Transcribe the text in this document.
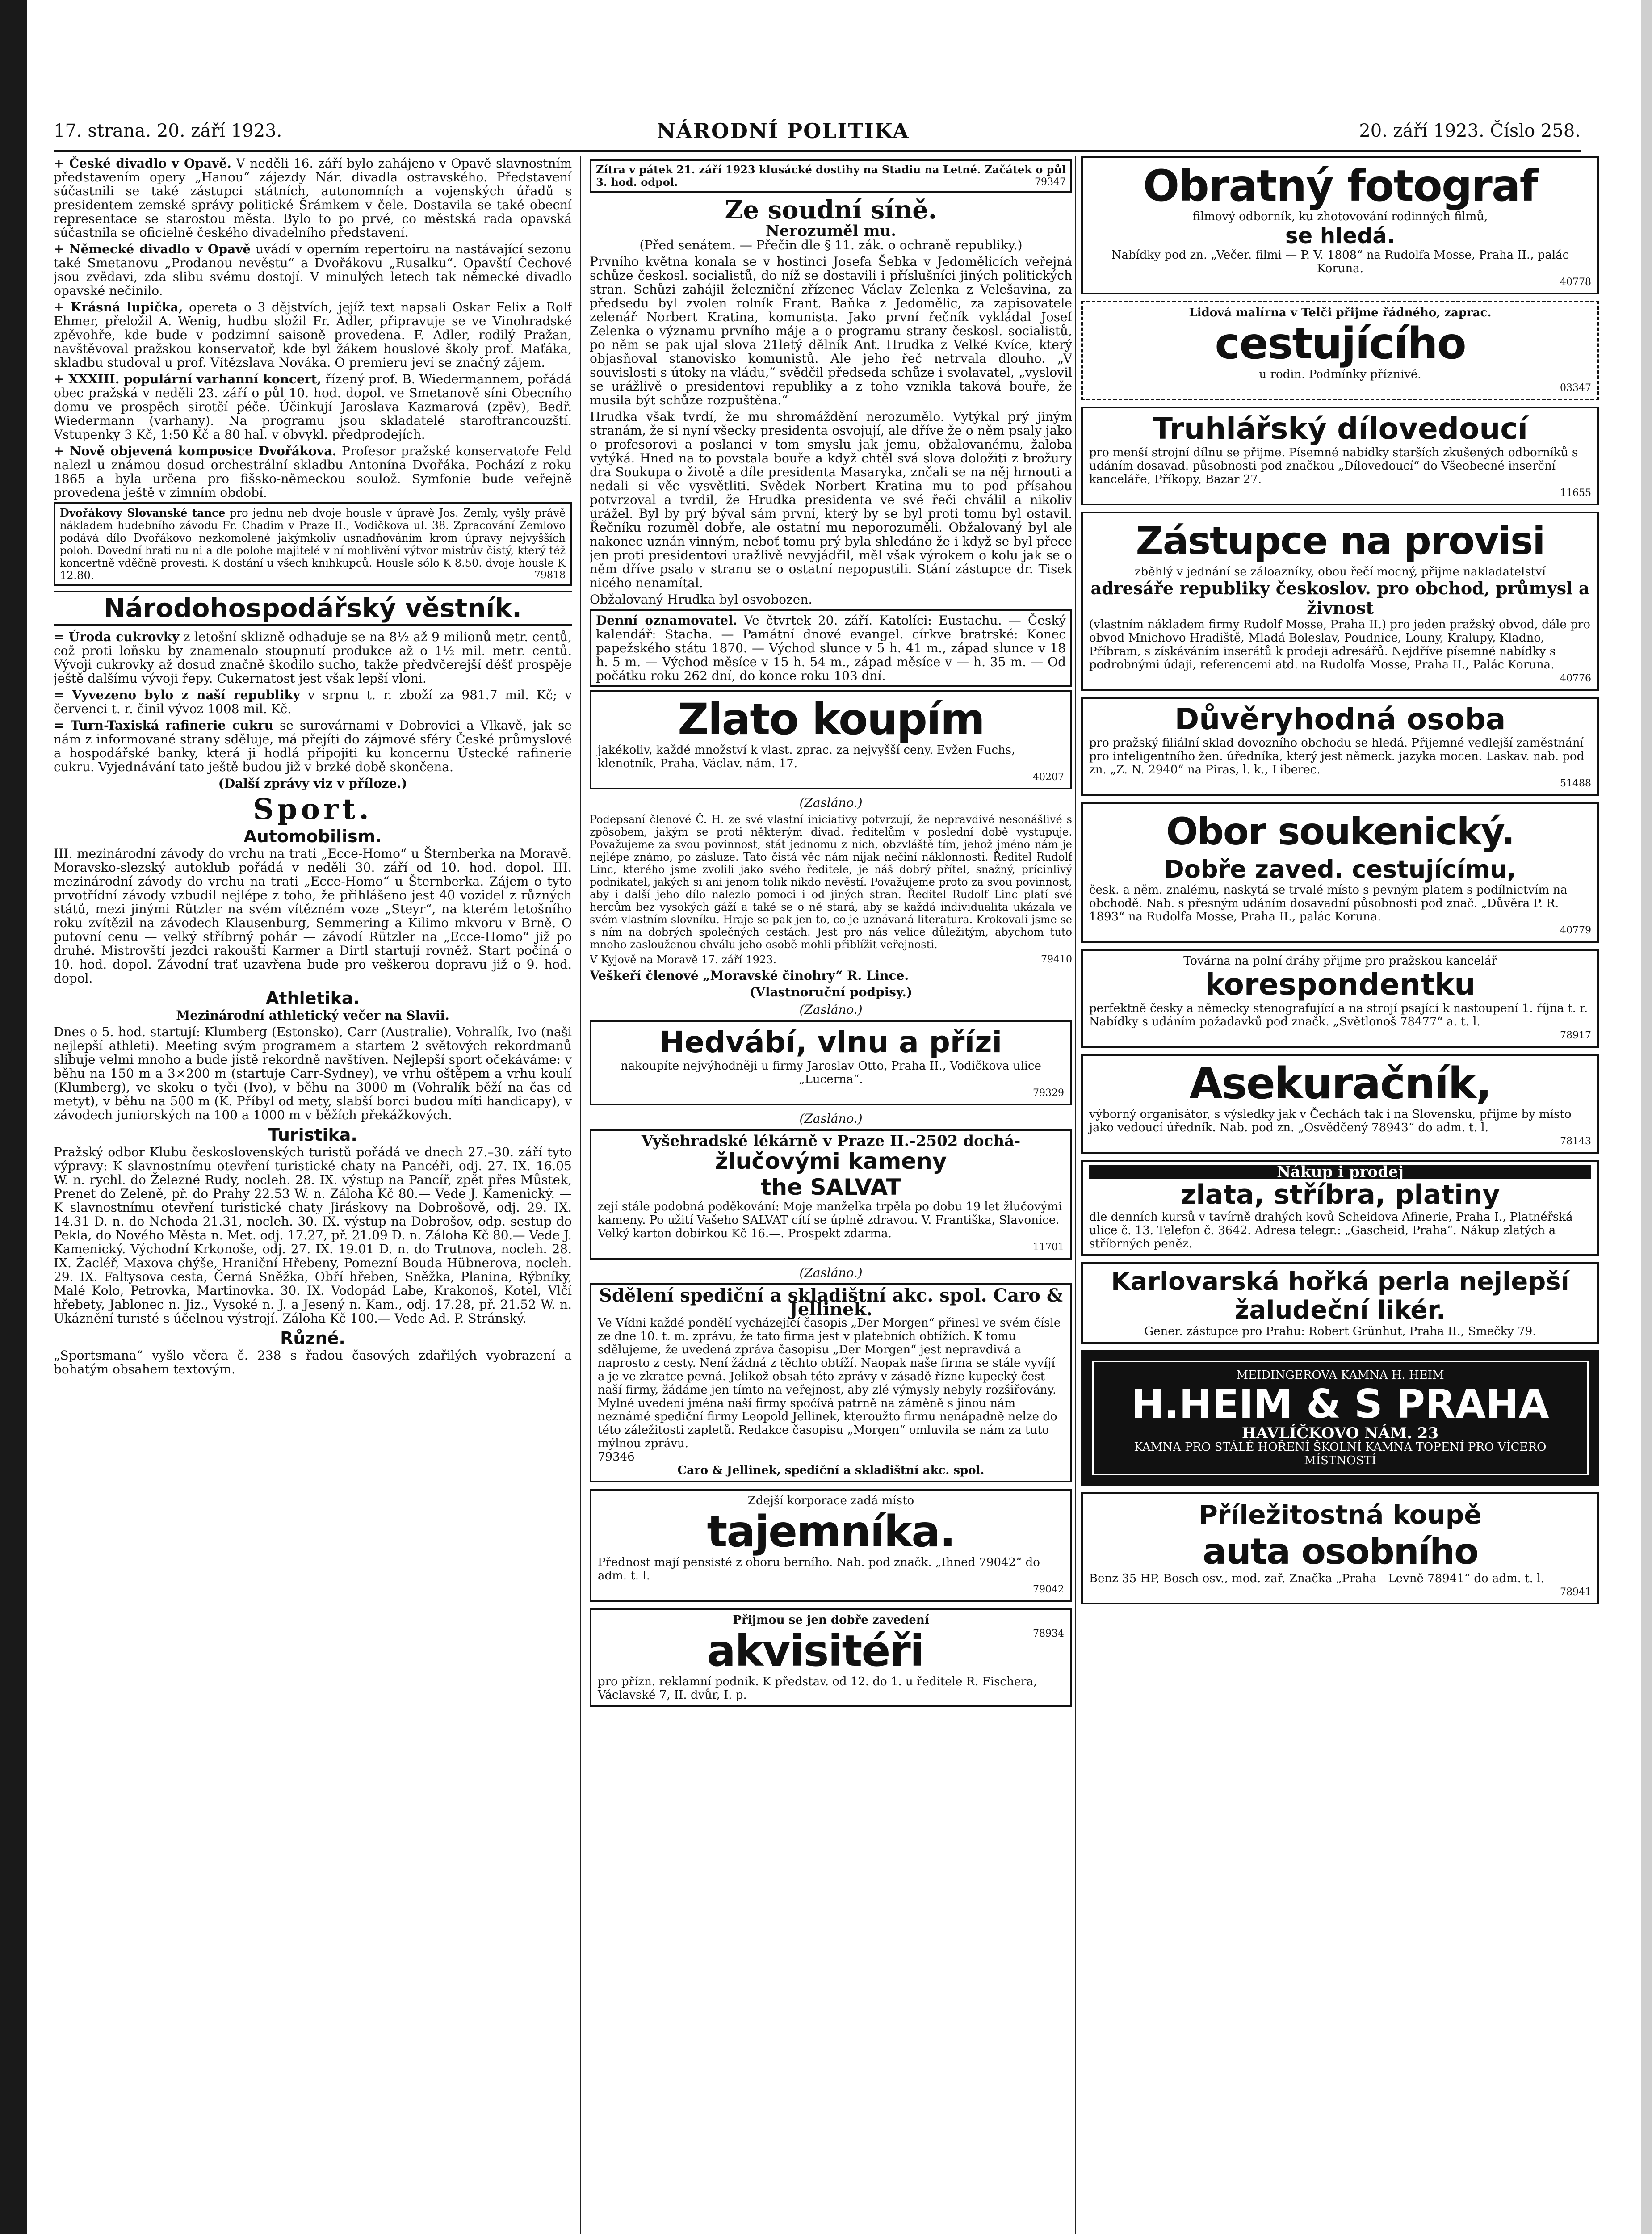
17. strana. 20. září 1923.	NÁRODNÍ POLITIKA	20. září 1923. Číslo 258.

+ České divadlo v Opavě. V neděli 16. září bylo zahájeno v Opavě slavnostním představením opery „Hanou“ zájezdy Nár. divadla ostravského. Představení súčastnili se také zástupci státních, autonomních a vojenských úřadů s presidentem zemské správy politické Šrámkem v čele. Dostavila se také obecní representace se starostou města. Bylo to po prvé, co městská rada opavská súčastnila se oficielně českého divadelního představení.

+ Německé divadlo v Opavě uvádí v operním repertoiru na nastávající sezonu také Smetanovu „Prodanou nevěstu“ a Dvořákovu „Rusalku“. Opavští Čechové jsou zvědavi, zda slibu svému dostojí. V minulých letech tak německé divadlo opavské nečinilo.

+ Krásná lupička, opereta o 3 dějstvích, jejíž text napsali Oskar Felix a Rolf Ehmer, přeložil A. Wenig, hudbu složil Fr. Adler, připravuje se ve Vinohradské zpěvohře, kde bude v podzimní saisoně provedena. F. Adler, rodilý Pražan, navštěvoval pražskou konservatoř, kde byl žákem houslové školy prof. Maťáka, skladbu studoval u prof. Vítězslava Nováka. O premieru jeví se značný zájem.

+ XXXIII. populární varhanní koncert, řízený prof. B. Wiedermannem, pořádá obec pražská v neděli 23. září o půl 10. hod. dopol. ve Smetanově síni Obecního domu ve prospěch sirotčí péče. Účinkují Jaroslava Kazmarová (zpěv), Bedř. Wiedermann (varhany). Na programu jsou skladatelé staroftrancouzští. Vstupenky 3 Kč, 1:50 Kč a 80 hal. v obvykl. předprodejích.

+ Nově objevená komposice Dvořákova. Profesor pražské konservatoře Feld nalezl u známou dosud orchestrální skladbu Antonína Dvořáka. Pochází z roku 1865 a byla určena pro fišsko-německou soulož. Symfonie bude veřejně provedena ještě v zimním období.

Dvořákovy Slovanské tance pro jednu neb dvoje housle v úpravě Jos. Zemly, vyšly právě nákladem hudebního závodu Fr. Chadim v Praze II., Vodičkova ul. 38. Zpracování Zemlovo podává dílo Dvořákovo nezkomolené jakýmkoliv usnadňováním krom úpravy nejvyšších poloh. Dovední hrati nu ni a dle polohe majitelé v ní mohlivění výtvor mistrův čistý, který též koncertně vděčně provesti. K dostání u všech knihkupců. Housle sólo K 8.50. dvoje housle K 12.80.	79818
Národohospodářský věstník.

= Úroda cukrovky z letošní sklizně odhaduje se na 8½ až 9 milionů metr. centů, což proti loňsku by znamenalo stoupnutí produkce až o 1½ mil. metr. centů. Vývoji cukrovky až dosud značně škodilo sucho, takže předvčerejší déšť prospěje ještě dalšímu vývoji řepy. Cukernatost jest však lepší vloni.

= Vyvezeno bylo z naší republiky v srpnu t. r. zboží za 981.7 mil. Kč; v červenci t. r. činil vývoz 1008 mil. Kč.

= Turn-Taxiská rafinerie cukru se surovárnami v Dobrovici a Vlkavě, jak se nám z informované strany sděluje, má přejíti do zájmové sféry České průmyslové a hospodářské banky, která ji hodlá připojiti ku koncernu Ústecké rafinerie cukru. Vyjednávání tato ještě budou již v brzké době skončena.

(Další zprávy viz v příloze.)

Sport.
Automobilism.

III. mezinárodní závody do vrchu na trati „Ecce-Homo“ u Šternberka na Moravě. Moravsko-slezský autoklub pořádá v neděli 30. září od 10. hod. dopol. III. mezinárodní závody do vrchu na trati „Ecce-Homo“ u Šternberka. Zájem o tyto prvotřídní závody vzbudil nejlépe z toho, že přihlášeno jest 40 vozidel z různých států, mezi jinými Rützler na svém vítězném voze „Steyr“, na kterém letošního roku zvítězil na závodech Klausenburg, Semmering a Kilimo mkvoru v Brně. O putovní cenu — velký stříbrný pohár — závodí Rützler na „Ecce-Homo“ již po druhé. Mistrovští jezdci rakouští Karmer a Dirtl startují rovněž. Start počíná o 10. hod. dopol. Závodní trať uzavřena bude pro veškerou dopravu již o 9. hod. dopol.

Athletika.

Mezinárodní athletický večer na Slavii.

Dnes o 5. hod. startují: Klumberg (Estonsko), Carr (Australie), Vohralík, Ivo (naši nejlepší athleti). Meeting svým programem a startem 2 světových rekordmanů slibuje velmi mnoho a bude jistě rekordně navštíven. Nejlepší sport očekáváme: v běhu na 150 m a 3×200 m (startuje Carr-Sydney), ve vrhu oštěpem a vrhu koulí (Klumberg), ve skoku o tyči (Ivo), v běhu na 3000 m (Vohralík běží na čas cd metyt), v běhu na 500 m (K. Příbyl od mety, slabší borci budou míti handicapy), v závodech juniorských na 100 a 1000 m v běžích překážkových.

Turistika.

Pražský odbor Klubu československých turistů pořádá ve dnech 27.–30. září tyto výpravy: K slavnostnímu otevření turistické chaty na Pancéři, odj. 27. IX. 16.05 W. n. rychl. do Železné Rudy, nocleh. 28. IX. výstup na Pancíř, zpět přes Můstek, Prenet do Zeleně, př. do Prahy 22.53 W. n. Záloha Kč 80.— Vede J. Kamenický. — K slavnostnímu otevření turistické chaty Jiráskovy na Dobrošově, odj. 29. IX. 14.31 D. n. do Nchoda 21.31, nocleh. 30. IX. výstup na Dobrošov, odp. sestup do Pekla, do Nového Města n. Met. odj. 17.27, př. 21.09 D. n. Záloha Kč 80.— Vede J. Kamenický. Východní Krkonoše, odj. 27. IX. 19.01 D. n. do Trutnova, nocleh. 28. IX. Žacléř, Maxova chýše, Hraniční Hřebeny, Pomezní Bouda Hübnerova, nocleh. 29. IX. Faltysova cesta, Černá Sněžka, Obří hřeben, Sněžka, Planina, Rýbníky, Malé Kolo, Petrovka, Martinovka. 30. IX. Vodopád Labe, Krakonoš, Kotel, Vlčí hřebety, Jablonec n. Jiz., Vysoké n. J. a Jesený n. Kam., odj. 17.28, př. 21.52 W. n. Ukáznění turisté s účelnou výstrojí. Záloha Kč 100.— Vede Ad. P. Stránský.

Různé.

„Sportsmana“ vyšlo včera č. 238 s řadou časových zdařilých vyobrazení a bohatým obsahem textovým.

Zítra v pátek 21. září 1923 klusácké dostihy na Stadiu na Letné. Začátek o půl 3. hod. odpol.	79347
Ze soudní síně.
Nerozuměl mu.

(Před senátem. — Přečin dle § 11. zák. o ochraně republiky.)

Prvního května konala se v hostinci Josefa Šebka v Jedomělicích veřejná schůze českosl. socialistů, do níž se dostavili i příslušníci jiných politických stran. Schůzi zahájil železniční zřízenec Václav Zelenka z Velešavina, za předsedu byl zvolen rolník Frant. Baňka z Jedomělic, za zapisovatele zelenář Norbert Kratina, komunista. Jako první řečník vykládal Josef Zelenka o významu prvního máje a o programu strany českosl. socialistů, po něm se pak ujal slova 21letý dělník Ant. Hrudka z Velké Kvíce, který objasňoval stanovisko komunistů. Ale jeho řeč netrvala dlouho. „V souvislosti s útoky na vládu,“ svědčil předseda schůze i svolavatel, „vyslovil se urážlivě o presidentovi republiky a z toho vznikla taková bouře, že musila být schůze rozpuštěna.“

Hrudka však tvrdí, že mu shromáždění nerozumělo. Vytýkal prý jiným stranám, že si nyní všecky presidenta osvojují, ale dříve že o něm psaly jako o profesorovi a poslanci v tom smyslu jak jemu, obžalovanému, žaloba vytýká. Hned na to povstala bouře a když chtěl svá slova doložiti z brožury dra Soukupa o životě a díle presidenta Masaryka, znčali se na něj hrnouti a nedali si věc vysvětliti. Svědek Norbert Kratina mu to pod přísahou potvrzoval a tvrdil, že Hrudka presidenta ve své řeči chválil a nikoliv urážel. Byl by prý býval sám první, který by se byl proti tomu byl ostavil. Řečníku rozuměl dobře, ale ostatní mu neporozuměli. Obžalovaný byl ale nakonec uznán vinným, neboť tomu prý byla shledáno že i když se byl přece jen proti presidentovi uražlivě nevyjádřil, měl však výrokem o kolu jak se o něm dříve psalo v stranu se o ostatní nepopustili. Stání zástupce dr. Tisek nicého nenamítal.

Obžalovaný Hrudka byl osvobozen.

Denní oznamovatel. Ve čtvrtek 20. září. Katolíci: Eustachu. — Český kalendář: Stacha. — Památní dnové evangel. církve bratrské: Konec papežského státu 1870. — Východ slunce v 5 h. 41 m., západ slunce v 18 h. 5 m. — Východ měsíce v 15 h. 54 m., západ měsíce v — h. 35 m. — Od počátku roku 262 dní, do konce roku 103 dní.
Zlato koupím
jakékoliv, každé množství k vlast. zprac. za nejvyšší ceny. Evžen Fuchs, klenotník, Praha, Václav. nám. 17.
40207
(Zasláno.)

Podepsaní členové Č. H. ze své vlastní iniciativy potvrzují, že nepravdivé nesonášlivé s zpôsobem, jakým se proti některým divad. ředitelům v poslední době vystupuje. Považujeme za svou povinnost, stát jednomu z nich, obzvláště tím, jehož jméno nám je nejlépe známo, po zásluze. Tato čistá věc nám nijak nečiní náklonnosti. Ředitel Rudolf Linc, kterého jsme zvolili jako svého ředitele, je náš dobrý přítel, snažný, prícinlivý podnikatel, jakých si ani jenom tolik nikdo nevěstí. Považujeme proto za svou povinnost, aby i další jeho dílo nalezlo pomoci i od jiných stran. Ředitel Rudolf Linc platí své hercům bez vysokých gáží a také se o ně stará, aby se každá individualita ukázala ve svém vlastním slovníku. Hraje se pak jen to, co je uznávaná literatura. Krokovali jsme se s ním na dobrých společných cestách. Jest pro nás velice důležitým, abychom tuto mnoho zaslouženou chválu jeho osobě mohli přiblížit veřejnosti.

V Kyjově na Moravě 17. září 1923.	79410

Veškeří členové „Moravské činohry“ R. Lince.

(Vlastnoruční podpisy.)

(Zasláno.)
Hedvábí, vlnu a přízi
nakoupíte nejvýhodněji u firmy Jaroslav Otto, Praha II., Vodičkova ulice „Lucerna“.
79329
(Zasláno.)
Vyšehradské lékárně v Praze II.-2502 dochá-
žlučovými kameny
the SALVAT
zejí stále podobná poděkování: Moje manželka trpěla po dobu 19 let žlučovými kameny. Po užití Vašeho SALVAT cítí se úplně zdravou. V. Františka, Slavonice. Velký karton dobírkou Kč 16.—. Prospekt zdarma.
11701
(Zasláno.)
Sdělení spediční a skladištní akc. spol. Caro & Jellinek.
Ve Vídni každé pondělí vycházející časopis „Der Morgen“ přinesl ve svém čísle ze dne 10. t. m. zprávu, že tato firma jest v platebních obtížích. K tomu sdělujeme, že uvedená zpráva časopisu „Der Morgen“ jest nepravdivá a naprosto z cesty. Není žádná z těchto obtíží. Naopak naše firma se stále vyvíjí a je ve zkratce pevná. Jelikož obsah této zprávy v zásadě řízne kupecký čest naší firmy, žádáme jen tímto na veřejnost, aby zlé výmysly nebyly rozšiřovány.
Mylné uvedení jména naší firmy spočívá patrně na záměně s jinou nám neznámé spediční firmy Leopold Jellinek, kteroužto firmu nenápadně nelze do této záležitosti zapletů. Redakce časopisu „Morgen“ omluvila se nám za tuto mýlnou zprávu.
79346
Caro & Jellinek, spediční a skladištní akc. spol.
Zdejší korporace zadá místo
tajemníka.
Přednost mají pensisté z oboru berního. Nab. pod značk. „Ihned 79042“ do adm. t. l.
79042
Přijmou se jen dobře zavedení
78934
akvisitéři
pro přízn. reklamní podnik. K představ. od 12. do 1. u ředitele R. Fischera, Václavské 7, II. dvůr, I. p.
Obratný fotograf
filmový odborník, ku zhotovování rodinných filmů,
se hledá.
Nabídky pod zn. „Večer. filmi — P. V. 1808“ na Rudolfa Mosse, Praha II., palác Koruna.
40778
Lidová malírna v Telči přijme řádného, zaprac.
cestujícího
u rodin. Podmínky příznivé.
03347
Truhlářský dílovedoucí
pro menší strojní dílnu se přijme. Písemné nabídky starších zkušených odborníků s udáním dosavad. působnosti pod značkou „Dílovedoucí“ do Všeobecné inserční kanceláře, Příkopy, Bazar 27.
11655
Zástupce na provisi
zběhlý v jednání se záloazníky, obou řečí mocný, přijme nakladatelství
adresáře republiky českoslov. pro obchod, průmysl a živnost
(vlastním nákladem firmy Rudolf Mosse, Praha II.) pro jeden pražský obvod, dále pro obvod Mnichovo Hradiště, Mladá Boleslav, Poudnice, Louny, Kralupy, Kladno, Příbram, s získáváním inserátů k prodeji adresářů. Nejdříve písemné nabídky s podrobnými údaji, referencemi atd. na Rudolfa Mosse, Praha II., Palác Koruna.
40776
Důvěryhodná osoba
pro pražský filiální sklad dovozního obchodu se hledá. Přijemné vedlejší zaměstnání pro inteligentního žen. úředníka, který jest německ. jazyka mocen. Laskav. nab. pod zn. „Z. N. 2940“ na Piras, l. k., Liberec.
51488
Obor soukenický.
Dobře zaved. cestujícímu,
česk. a něm. znalému, naskytá se trvalé místo s pevným platem s podílnictvím na obchodě. Nab. s přesným udáním dosavadní působnosti pod znač. „Důvěra P. R. 1893“ na Rudolfa Mosse, Praha II., palác Koruna.
40779
Továrna na polní dráhy přijme pro pražskou kancelář
korespondentku
perfektně česky a německy stenografující a na strojí psající k nastoupení 1. října t. r. Nabídky s udáním požadavků pod značk. „Světlonoš 78477“ a. t. l.
78917
Asekuračník,
výborný organisátor, s výsledky jak v Čechách tak i na Slovensku, přijme by místo jako vedoucí úředník. Nab. pod zn. „Osvědčený 78943“ do adm. t. l.
78143
Nákup i prodej
zlata, stříbra, platiny
dle denních kursů v tavírně drahých kovů Scheidova Afinerie, Praha I., Platnéřská ulice č. 13. Telefon č. 3642. Adresa telegr.: „Gascheid, Praha“. Nákup zlatých a stříbrných peněz.
Karlovarská hořká perla nejlepší žaludeční likér.
Gener. zástupce pro Prahu: Robert Grünhut, Praha II., Smečky 79.
MEIDINGEROVA KAMNA H. HEIM
H.HEIM & S PRAHA
HAVLÍČKOVO NÁM. 23
KAMNA PRO STÁLÉ HOŘENÍ ŠKOLNÍ KAMNA TOPENÍ PRO VÍCERO MÍSTNOSTÍ
Příležitostná koupě
auta osobního
Benz 35 HP, Bosch osv., mod. zař. Značka „Praha—Levně 78941“ do adm. t. l.
78941
